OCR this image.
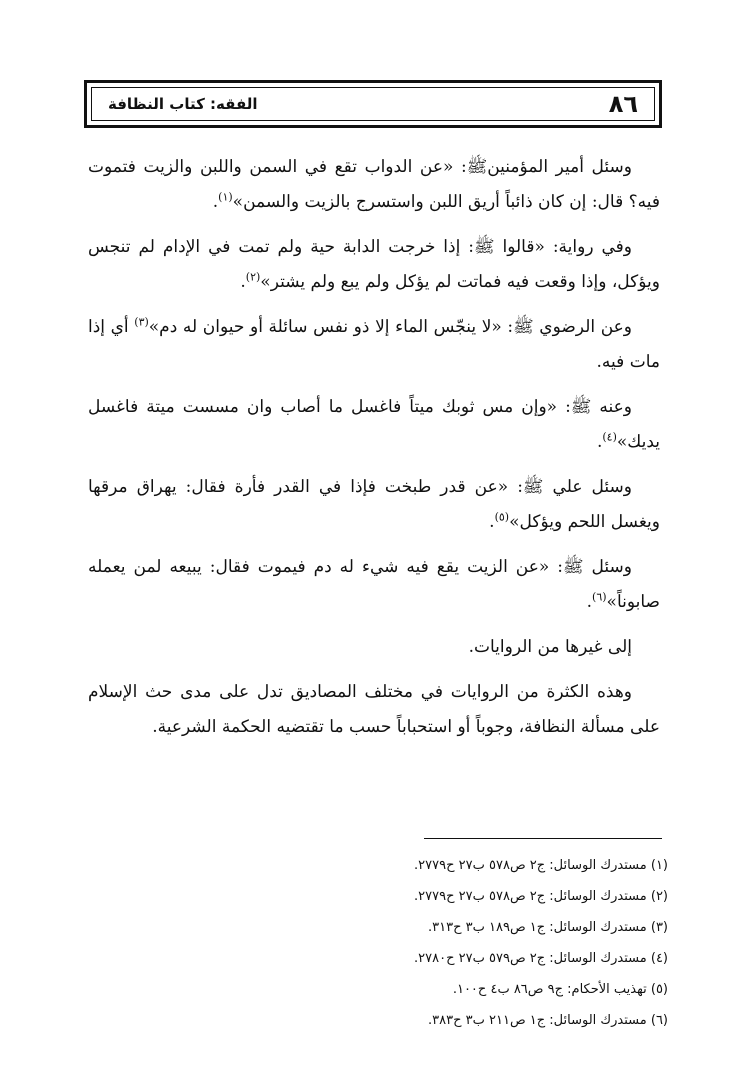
٨٦
الفقه: كتاب النظافة

وسئل أمير المؤمنينﷺ: «عن الدواب تقع في السمن واللبن والزيت فتموت فيه؟ قال: إن كان ذائباً أريق اللبن واستسرج بالزيت والسمن»$^{(١)}$.

وفي رواية: «قالوا ﷺ: إذا خرجت الدابة حية ولم تمت في الإدام لم تنجس ويؤكل، وإذا وقعت فيه فماتت لم يؤكل ولم يبع ولم يشتر»$^{(٢)}$.

وعن الرضوي ﷺ: «لا ينجّس الماء إلا ذو نفس سائلة أو حيوان له دم»$^{(٣)}$ أي إذا مات فيه.

وعنه ﷺ: «وإن مس ثوبك ميتاً فاغسل ما أصاب وان مسست ميتة فاغسل يديك»$^{(٤)}$.

وسئل علي ﷺ: «عن قدر طبخت فإذا في القدر فأرة فقال: يهراق مرقها ويغسل اللحم ويؤكل»$^{(٥)}$.

وسئل ﷺ: «عن الزيت يقع فيه شيء له دم فيموت فقال: يبيعه لمن يعمله صابوناً»$^{(٦)}$.

إلى غيرها من الروايات.

وهذه الكثرة من الروايات في مختلف المصاديق تدل على مدى حث الإسلام على مسألة النظافة، وجوباً أو استحباباً حسب ما تقتضيه الحكمة الشرعية.

(١) مستدرك الوسائل: ج٢ ص٥٧٨ ب٢٧ ح٢٧٧٩.

(٢) مستدرك الوسائل: ج٢ ص٥٧٨ ب٢٧ ح٢٧٧٩.

(٣) مستدرك الوسائل: ج١ ص١٨٩ ب٣ ح٣١٣.

(٤) مستدرك الوسائل: ج٢ ص٥٧٩ ب٢٧ ح٢٧٨٠.

(٥) تهذيب الأحكام: ج٩ ص٨٦ ب٤ ح١٠٠.

(٦) مستدرك الوسائل: ج١ ص٢١١ ب٣ ح٣٨٣.
